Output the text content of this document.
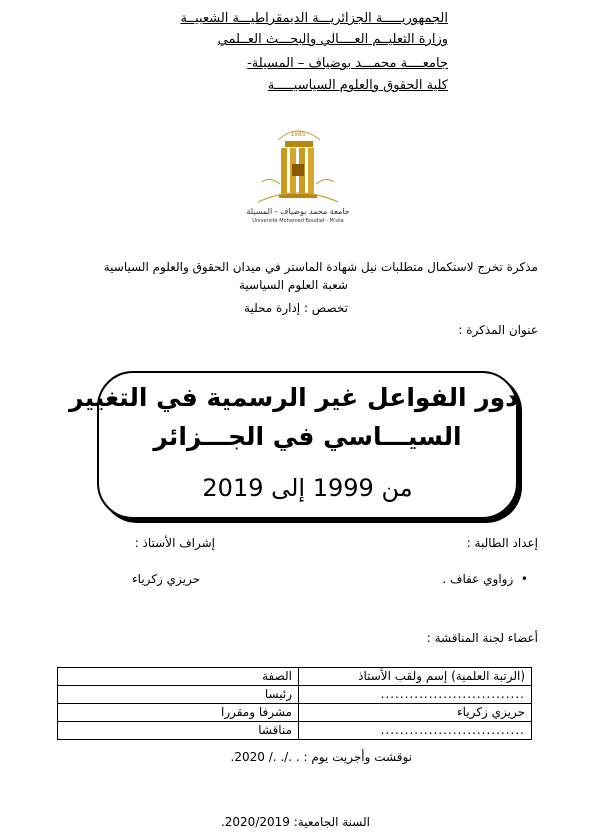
الجمهوريـــــة الجزائريـــة الديمقراطيـــة الشعبيــة
وزارة التعليــم العــــالي والبحـــث العــلمي
جامعــــة محمـــد بوضياف – المسيلة-
كلية الحقوق والعلوم السياسيـــــة
1985
جامعة محمد بوضياف - المسيلة
Université Mohamed Boudiaf - M'sila
مذكرة تخرج لاستكمال متطلبات نيل شهادة الماستر في ميدان الحقوق والعلوم السياسية
شعبة العلوم السياسية
تخصص : إدارة محلية
عنوان المذكرة :
دور الفواعل غير الرسمية في التغيير
السيـــاسي في الجـــزائر
من 1999 إلى 2019
إعداد الطالبة :
إشراف الأستاذ :
•  زواوي عفاف .
حريزي زكرياء
أعضاء لجنة المناقشة :
(الرتبة العلمية) إسم ولقب الأستاذ	الصفة
..............................	رئيسا
حريزي زكرياء	مشرفا ومقررا
..............................	مناقشا
نوقشت وأجريت يوم : . ./. ./ 2020.
السنة الجامعية: 2020/2019.
